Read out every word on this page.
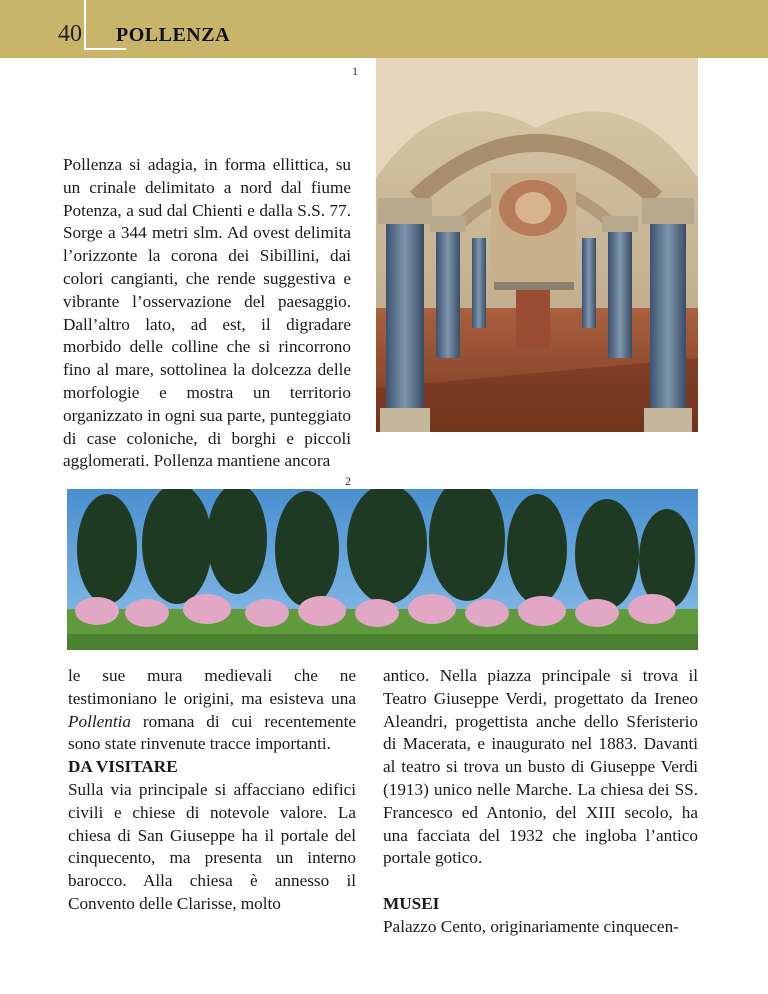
40 POLLENZA
1
2

Pollenza si adagia, in forma ellittica, su un crinale delimitato a nord dal fiume Potenza, a sud dal Chienti e dalla S.S. 77. Sorge a 344 metri slm. Ad ovest delimita l’orizzonte la corona dei Sibillini, dai colori cangianti, che rende suggestiva e vibrante l’osservazione del paesaggio. Dall’altro lato, ad est, il digradare morbido delle colline che si rincorrono fino al mare, sottolinea la dolcezza delle morfologie e mostra un territorio organizzato in ogni sua parte, punteggiato di case coloniche, di borghi e piccoli agglomerati. Pollenza mantiene ancora

le sue mura medievali che ne testimoniano le origini, ma esisteva una Pollentia romana di cui recentemente sono state rinvenute tracce importanti.

DA VISITARE

Sulla via principale si affacciano edifici civili e chiese di notevole valore. La chiesa di San Giuseppe ha il portale del cinquecento, ma presenta un interno barocco. Alla chiesa è annesso il Convento delle Clarisse, molto

antico. Nella piazza principale si trova il Teatro Giuseppe Verdi, progettato da Ireneo Aleandri, progettista anche dello Sferisterio di Macerata, e inaugurato nel 1883. Davanti al teatro si trova un busto di Giuseppe Verdi (1913) unico nelle Marche. La chiesa dei SS. Francesco ed Antonio, del XIII secolo, ha una facciata del 1932 che ingloba l’antico portale gotico.

MUSEI

Palazzo Cento, originariamente cinquecen-
